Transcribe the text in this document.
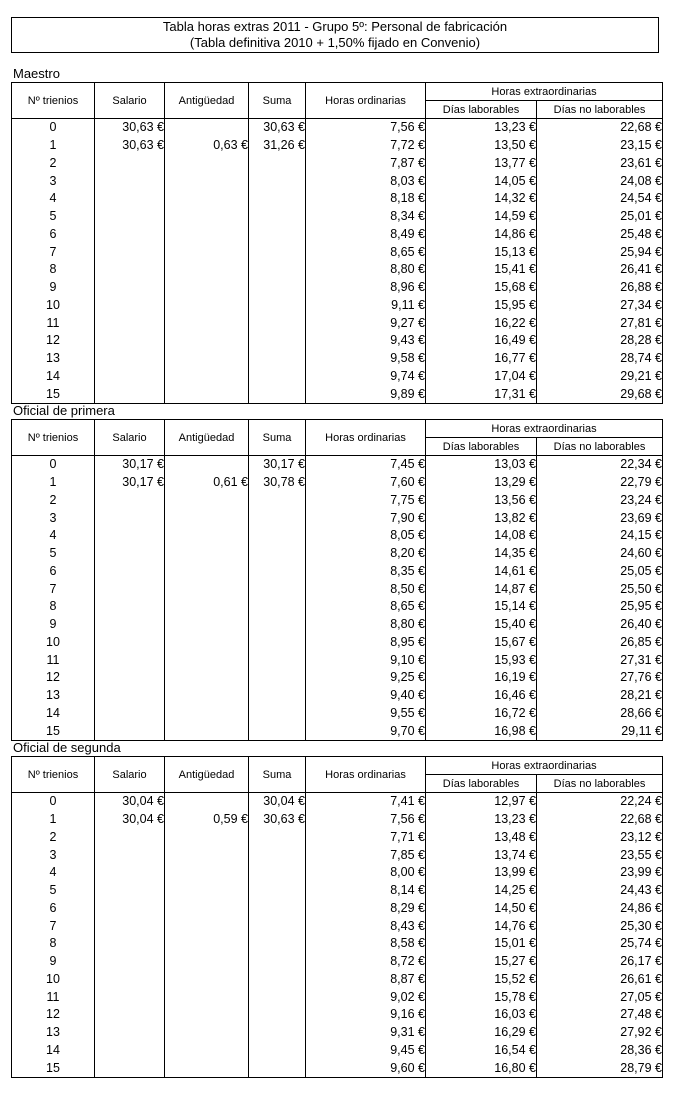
Tabla horas extras 2011 - Grupo 5º: Personal de fabricación
(Tabla definitiva 2010 + 1,50% fijado en Convenio)
Maestro
Nº trienios	Salario	Antigüedad	Suma	Horas ordinarias	Horas extraordinarias	
					Días laborables	Días no laborables
0	30,63 €		30,63 €	7,56 €	13,23 €	22,68 €
1	30,63 €	0,63 €	31,26 €	7,72 €	13,50 €	23,15 €
2				7,87 €	13,77 €	23,61 €
3				8,03 €	14,05 €	24,08 €
4				8,18 €	14,32 €	24,54 €
5				8,34 €	14,59 €	25,01 €
6				8,49 €	14,86 €	25,48 €
7				8,65 €	15,13 €	25,94 €
8				8,80 €	15,41 €	26,41 €
9				8,96 €	15,68 €	26,88 €
10				9,11 €	15,95 €	27,34 €
11				9,27 €	16,22 €	27,81 €
12				9,43 €	16,49 €	28,28 €
13				9,58 €	16,77 €	28,74 €
14				9,74 €	17,04 €	29,21 €
15				9,89 €	17,31 €	29,68 €
Oficial de primera
Nº trienios	Salario	Antigüedad	Suma	Horas ordinarias	Horas extraordinarias	
					Días laborables	Días no laborables
0	30,17 €		30,17 €	7,45 €	13,03 €	22,34 €
1	30,17 €	0,61 €	30,78 €	7,60 €	13,29 €	22,79 €
2				7,75 €	13,56 €	23,24 €
3				7,90 €	13,82 €	23,69 €
4				8,05 €	14,08 €	24,15 €
5				8,20 €	14,35 €	24,60 €
6				8,35 €	14,61 €	25,05 €
7				8,50 €	14,87 €	25,50 €
8				8,65 €	15,14 €	25,95 €
9				8,80 €	15,40 €	26,40 €
10				8,95 €	15,67 €	26,85 €
11				9,10 €	15,93 €	27,31 €
12				9,25 €	16,19 €	27,76 €
13				9,40 €	16,46 €	28,21 €
14				9,55 €	16,72 €	28,66 €
15				9,70 €	16,98 €	29,11 €
Oficial de segunda
Nº trienios	Salario	Antigüedad	Suma	Horas ordinarias	Horas extraordinarias	
					Días laborables	Días no laborables
0	30,04 €		30,04 €	7,41 €	12,97 €	22,24 €
1	30,04 €	0,59 €	30,63 €	7,56 €	13,23 €	22,68 €
2				7,71 €	13,48 €	23,12 €
3				7,85 €	13,74 €	23,55 €
4				8,00 €	13,99 €	23,99 €
5				8,14 €	14,25 €	24,43 €
6				8,29 €	14,50 €	24,86 €
7				8,43 €	14,76 €	25,30 €
8				8,58 €	15,01 €	25,74 €
9				8,72 €	15,27 €	26,17 €
10				8,87 €	15,52 €	26,61 €
11				9,02 €	15,78 €	27,05 €
12				9,16 €	16,03 €	27,48 €
13				9,31 €	16,29 €	27,92 €
14				9,45 €	16,54 €	28,36 €
15				9,60 €	16,80 €	28,79 €
